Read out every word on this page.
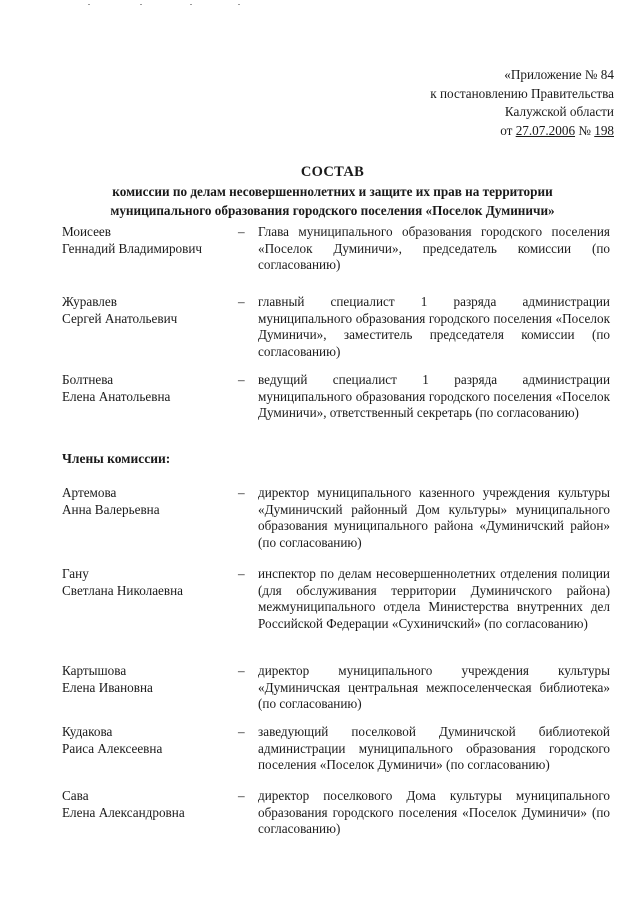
«Приложение № 84
к постановлению Правительства
Калужской области
от 27.07.2006 № 198
СОСТАВ
комиссии по делам несовершеннолетних и защите их прав на территории
муниципального образования городского поселения «Поселок Думиничи»
Моисеев
Геннадий Владимирович
– Глава муниципального образования городского поселения «Поселок Думиничи», председатель комиссии (по согласованию)
Журавлев
Сергей Анатольевич
– главный специалист 1 разряда администрации муниципального образования городского поселения «Поселок Думиничи», заместитель председателя комиссии (по согласованию)
Болтнева
Елена Анатольевна
– ведущий специалист 1 разряда администрации муниципального образования городского поселения «Поселок Думиничи», ответственный секретарь (по согласованию)
Члены комиссии:
Артемова
Анна Валерьевна
– директор муниципального казенного учреждения культуры «Думиничский районный Дом культуры» муниципального образования муниципального района «Думиничский район» (по согласованию)
Гану
Светлана Николаевна
– инспектор по делам несовершеннолетних отделения полиции (для обслуживания территории Думиничского района) межмуниципального отдела Министерства внутренних дел Российской Федерации «Сухиничский» (по согласованию)
Картышова
Елена Ивановна
– директор муниципального учреждения культуры «Думиничская центральная межпоселенческая библиотека» (по согласованию)
Кудакова
Раиса Алексеевна
– заведующий поселковой Думиничской библиотекой администрации муниципального образования городского поселения «Поселок Думиничи» (по согласованию)
Сава
Елена Александровна
– директор поселкового Дома культуры муниципального образования городского поселения «Поселок Думиничи» (по согласованию)
